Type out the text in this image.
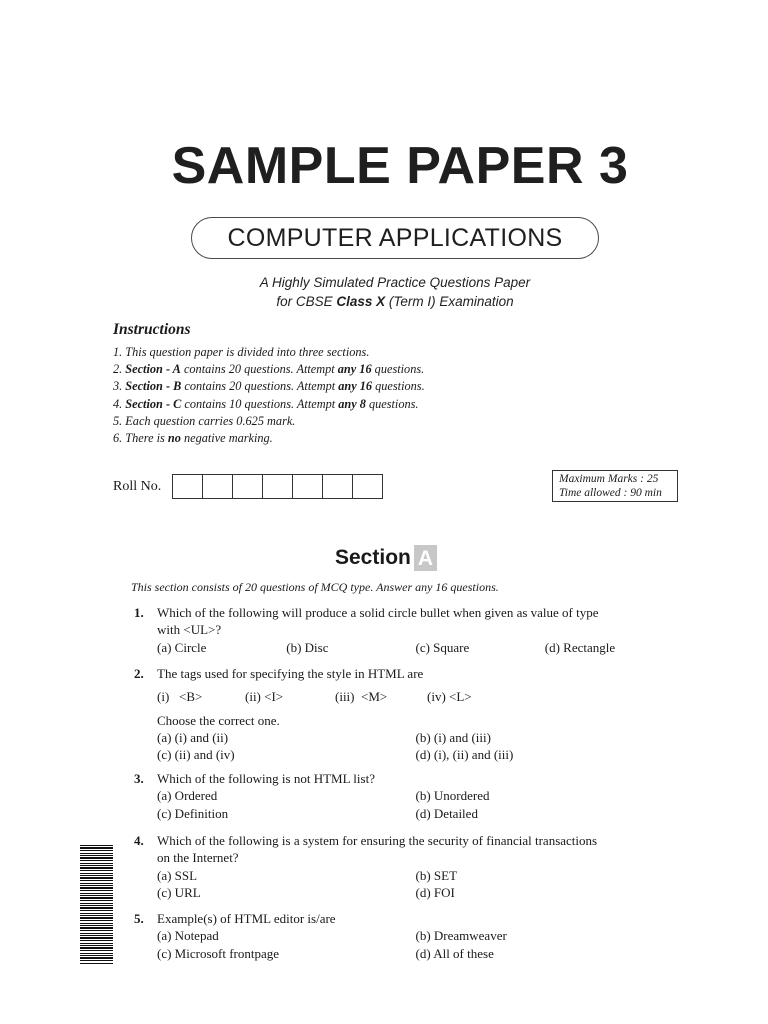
SAMPLE PAPER 3
COMPUTER APPLICATIONS
A Highly Simulated Practice Questions Paper
for CBSE Class X (Term I) Examination
Instructions
1. This question paper is divided into three sections.
2. Section - A contains 20 questions. Attempt any 16 questions.
3. Section - B contains 20 questions. Attempt any 16 questions.
4. Section - C contains 10 questions. Attempt any 8 questions.
5. Each question carries 0.625 mark.
6. There is no negative marking.
Roll No.	Maximum Marks : 25
Time allowed : 90 min
Section A
This section consists of 20 questions of MCQ type. Answer any 16 questions.
1. Which of the following will produce a solid circle bullet when given as value of type
with <UL>?
(a) Circle	(b) Disc	(c) Square	(d) Rectangle
2. The tags used for specifying the style in HTML are
(i)   <B>	(ii) <I>	(iii)  <M>	(iv) <L>
Choose the correct one.
(a) (i) and (ii)	(b) (i) and (iii)
(c) (ii) and (iv)	(d) (i), (ii) and (iii)
3. Which of the following is not HTML list?
(a) Ordered	(b) Unordered
(c) Definition	(d) Detailed
4. Which of the following is a system for ensuring the security of financial transactions
on the Internet?
(a) SSL	(b) SET
(c) URL	(d) FOI
5. Example(s) of HTML editor is/are
(a) Notepad	(b) Dreamweaver
(c) Microsoft frontpage	(d) All of these
